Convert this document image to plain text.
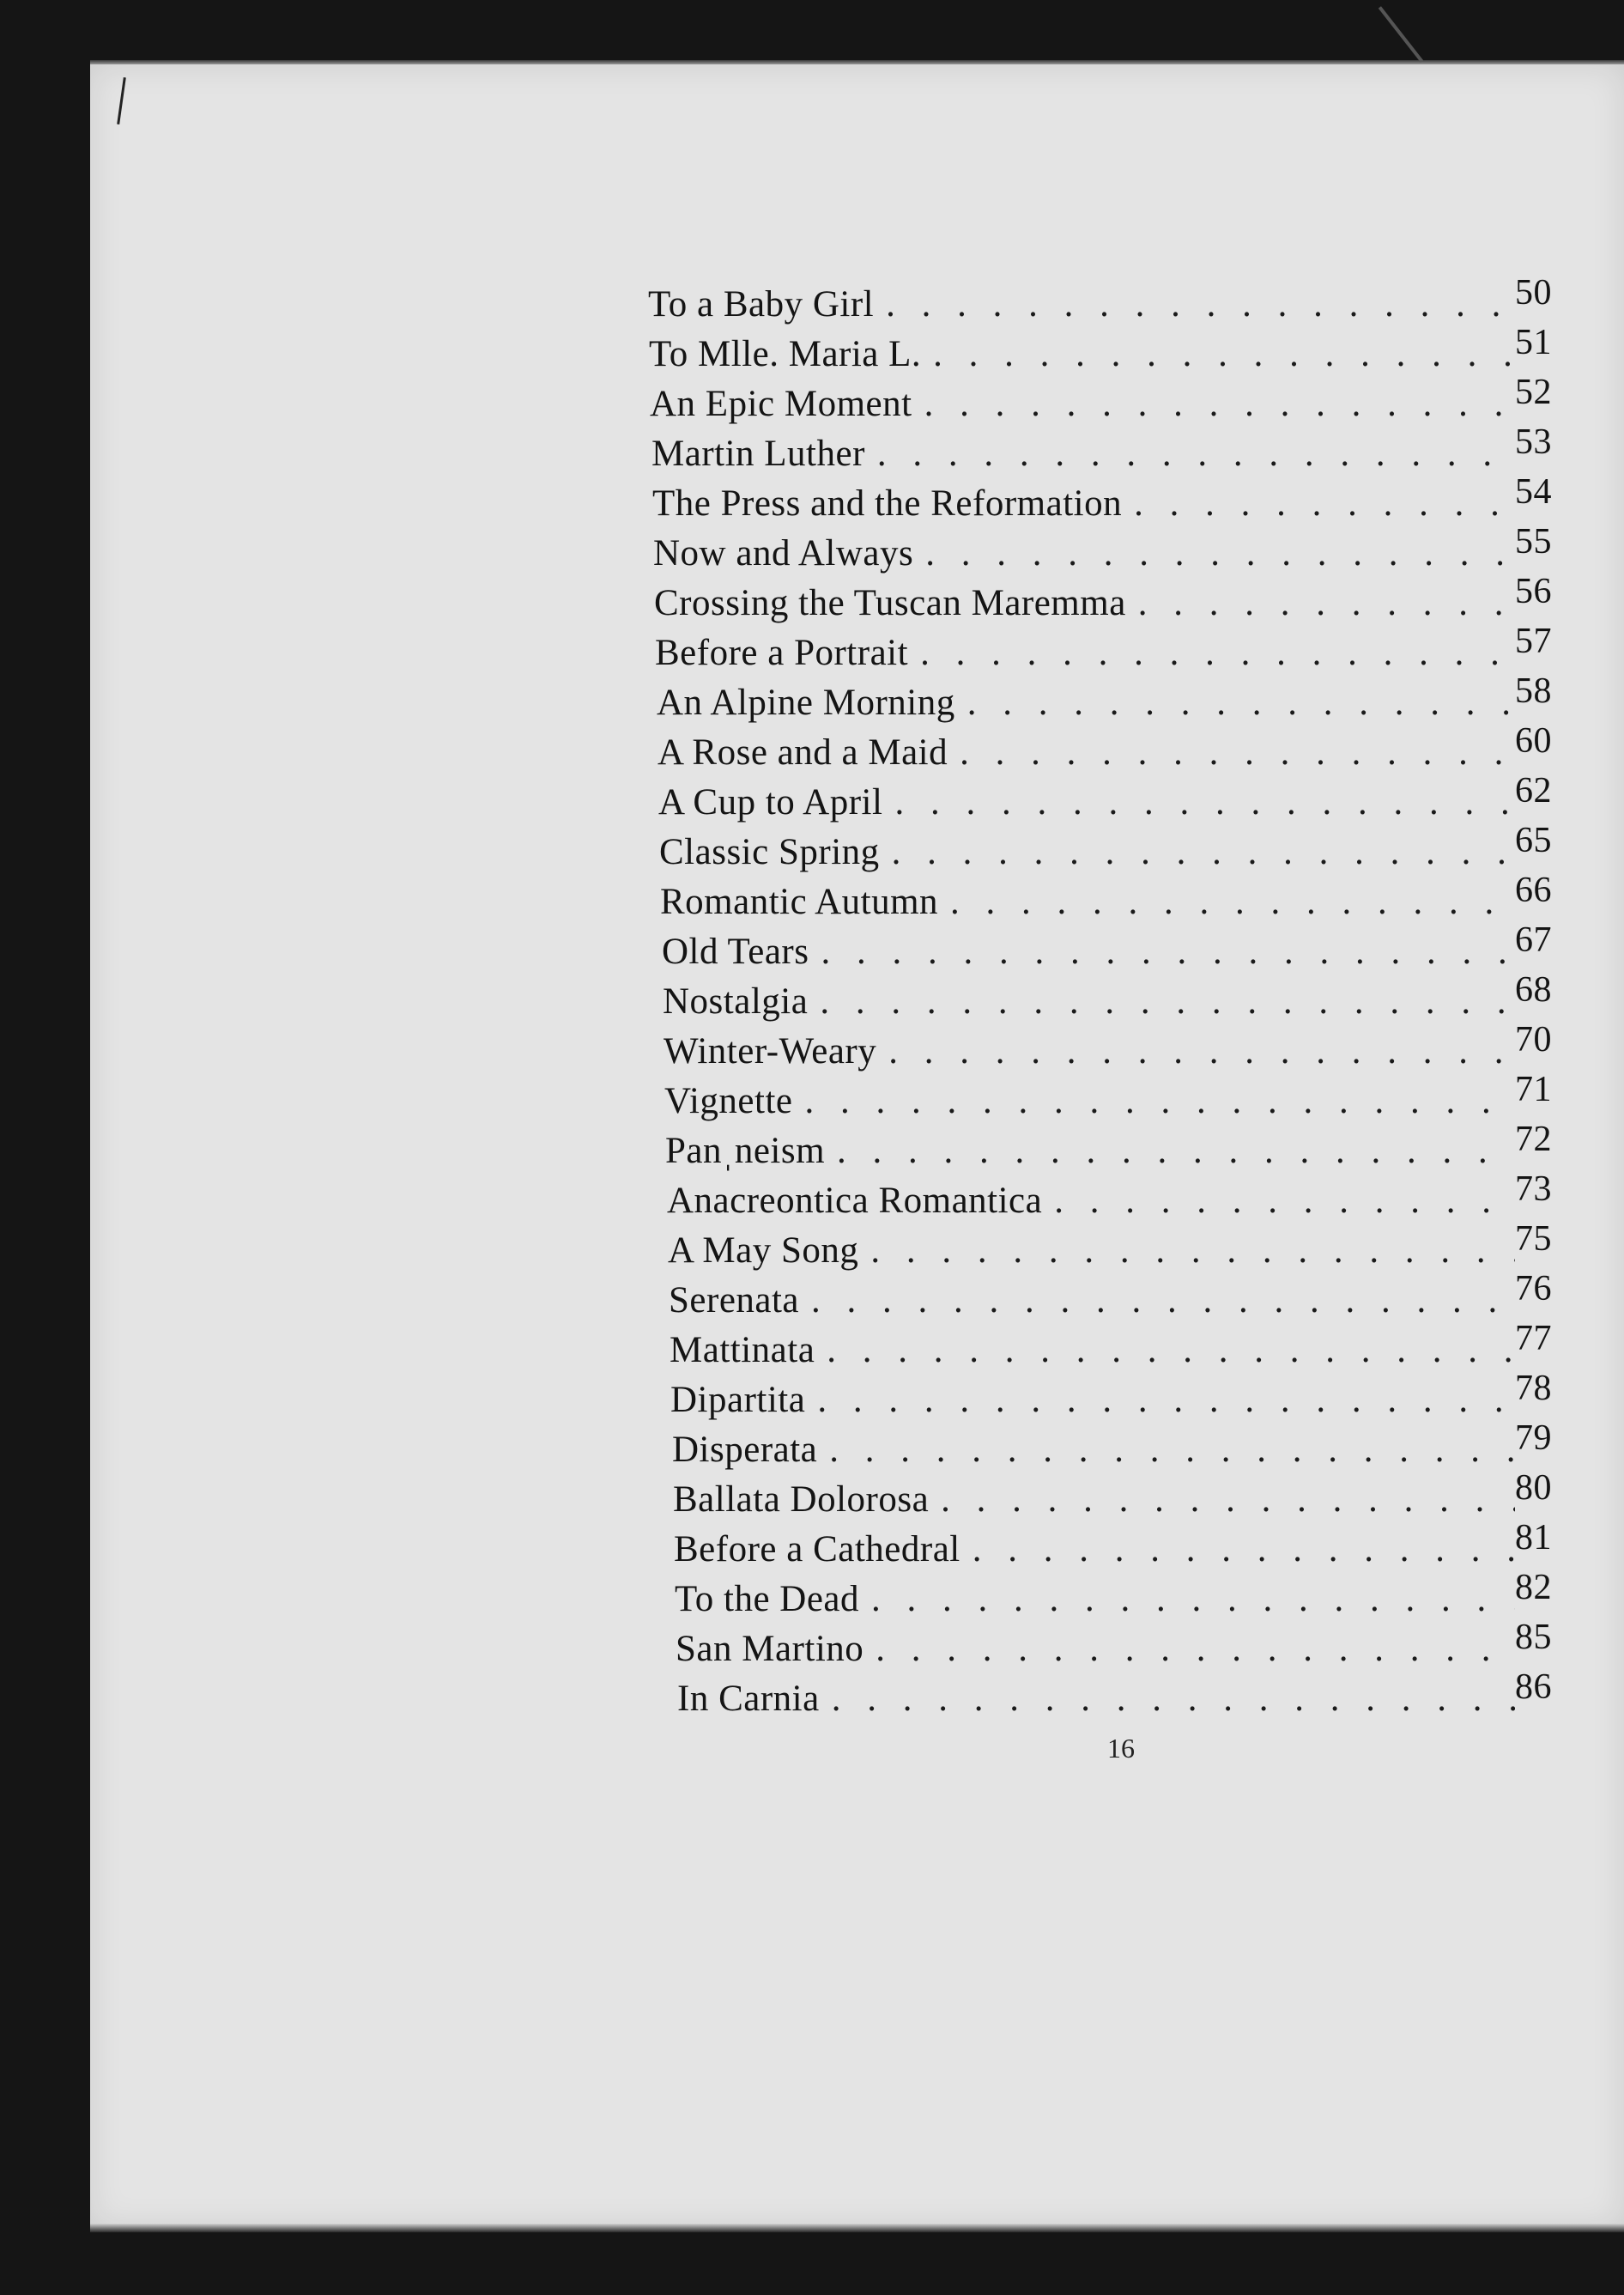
To a Baby Girl . . .	50
To Mlle. Maria L. . . .	51
An Epic Moment . . .	52
Martin Luther . . .	53
The Press and the Reformation . . .	54
Now and Always . . .	55
Crossing the Tuscan Maremma . . .	56
Before a Portrait . . .	57
An Alpine Morning . . .	58
A Rose and a Maid . . .	60
A Cup to April . . .	62
Classic Spring . . .	65
Romantic Autumn . . .	66
Old Tears . . .	67
Nostalgia . . .	68
Winter-Weary . . .	70
Vignette . . .	71
Panˌneism . . .	72
Anacreontica Romantica . . .	73
A May Song . . .	75
Serenata . . .	76
Mattinata . . .	77
Dipartita . . .	78
Disperata . . .	79
Ballata Dolorosa . . .	80
Before a Cathedral . . .	81
To the Dead . . .	82
San Martino . . .	85
In Carnia . . .	86
16
